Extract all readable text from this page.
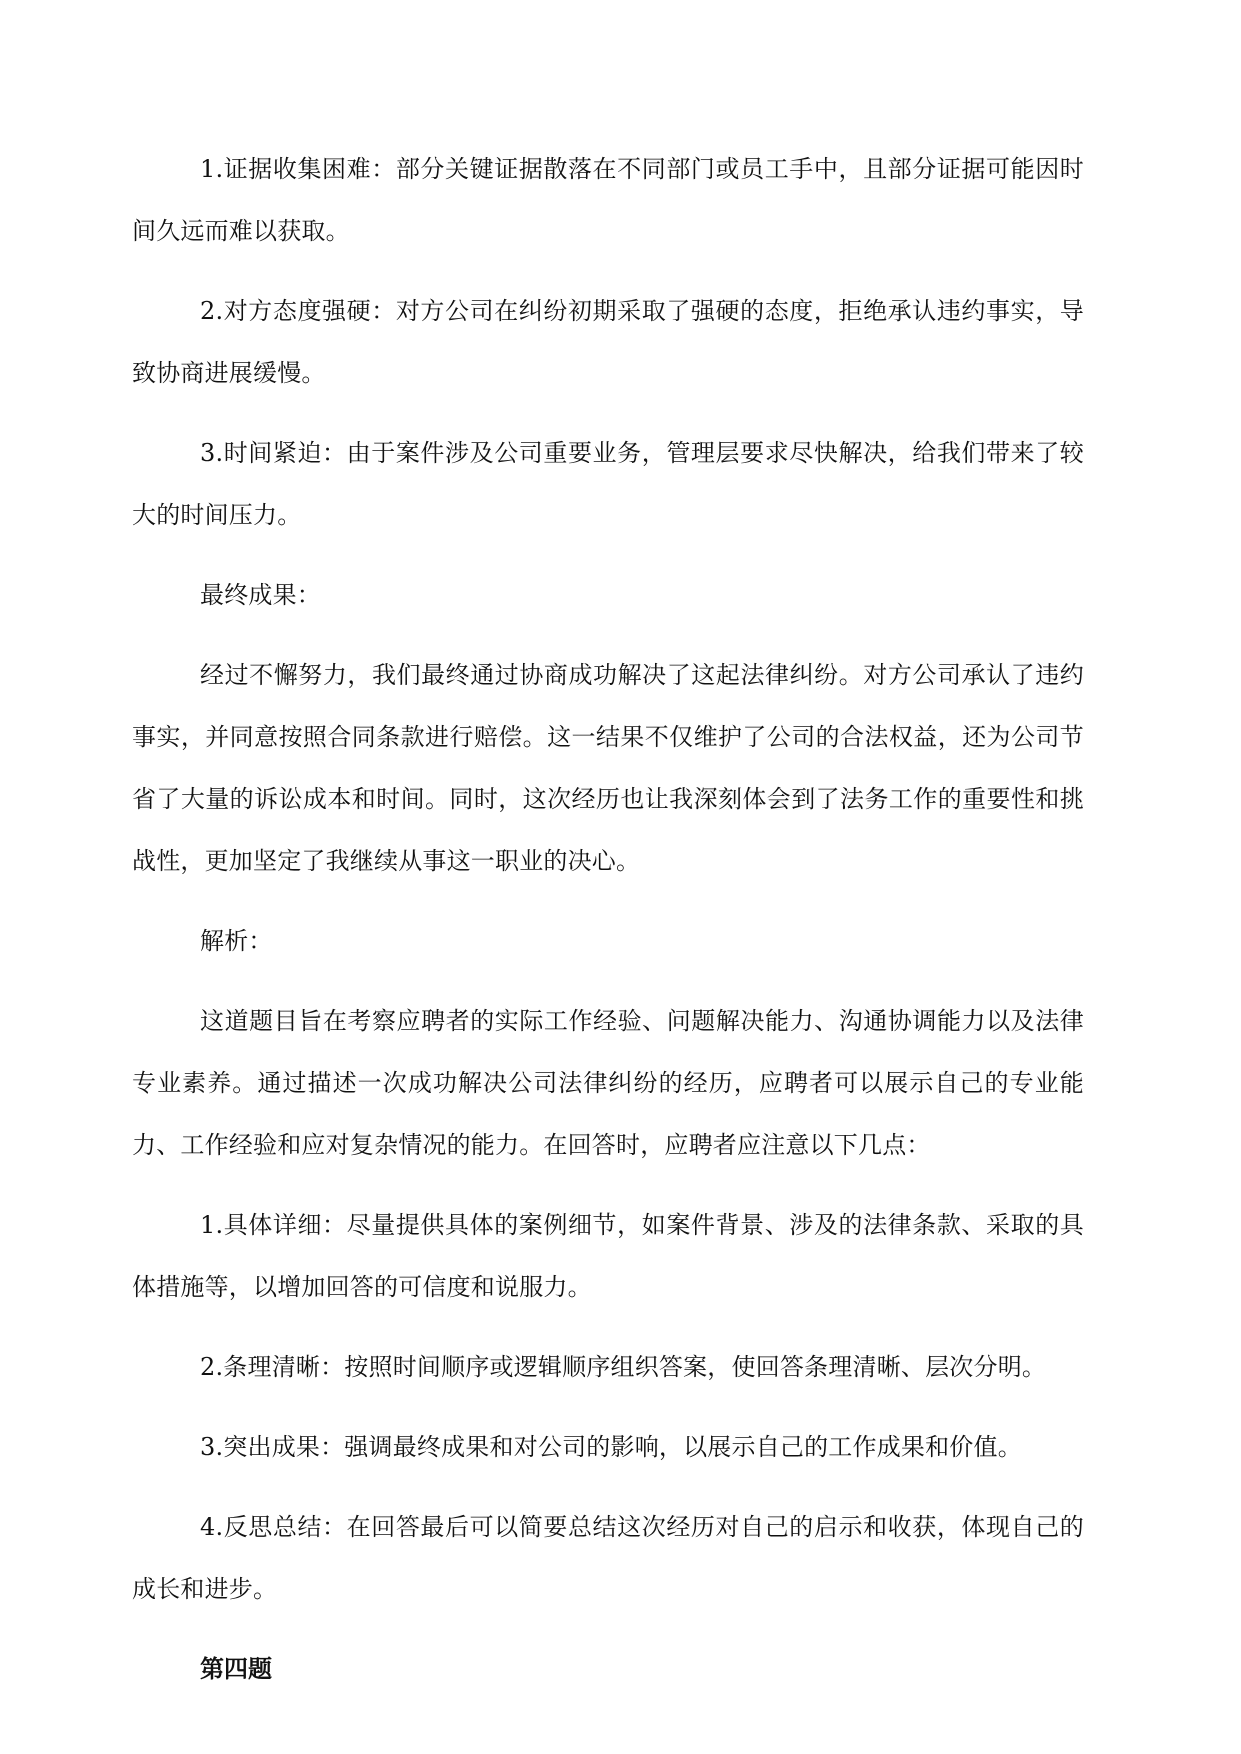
1.证据收集困难：部分关键证据散落在不同部门或员工手中，且部分证据可能因时间久远而难以获取。

2.对方态度强硬：对方公司在纠纷初期采取了强硬的态度，拒绝承认违约事实，导致协商进展缓慢。

3.时间紧迫：由于案件涉及公司重要业务，管理层要求尽快解决，给我们带来了较大的时间压力。

最终成果：

经过不懈努力，我们最终通过协商成功解决了这起法律纠纷。对方公司承认了违约事实，并同意按照合同条款进行赔偿。这一结果不仅维护了公司的合法权益，还为公司节省了大量的诉讼成本和时间。同时，这次经历也让我深刻体会到了法务工作的重要性和挑战性，更加坚定了我继续从事这一职业的决心。

解析：

这道题目旨在考察应聘者的实际工作经验、问题解决能力、沟通协调能力以及法律专业素养。通过描述一次成功解决公司法律纠纷的经历，应聘者可以展示自己的专业能力、工作经验和应对复杂情况的能力。在回答时，应聘者应注意以下几点：

1.具体详细：尽量提供具体的案例细节，如案件背景、涉及的法律条款、采取的具体措施等，以增加回答的可信度和说服力。

2.条理清晰：按照时间顺序或逻辑顺序组织答案，使回答条理清晰、层次分明。

3.突出成果：强调最终成果和对公司的影响，以展示自己的工作成果和价值。

4.反思总结：在回答最后可以简要总结这次经历对自己的启示和收获，体现自己的成长和进步。

第四题
